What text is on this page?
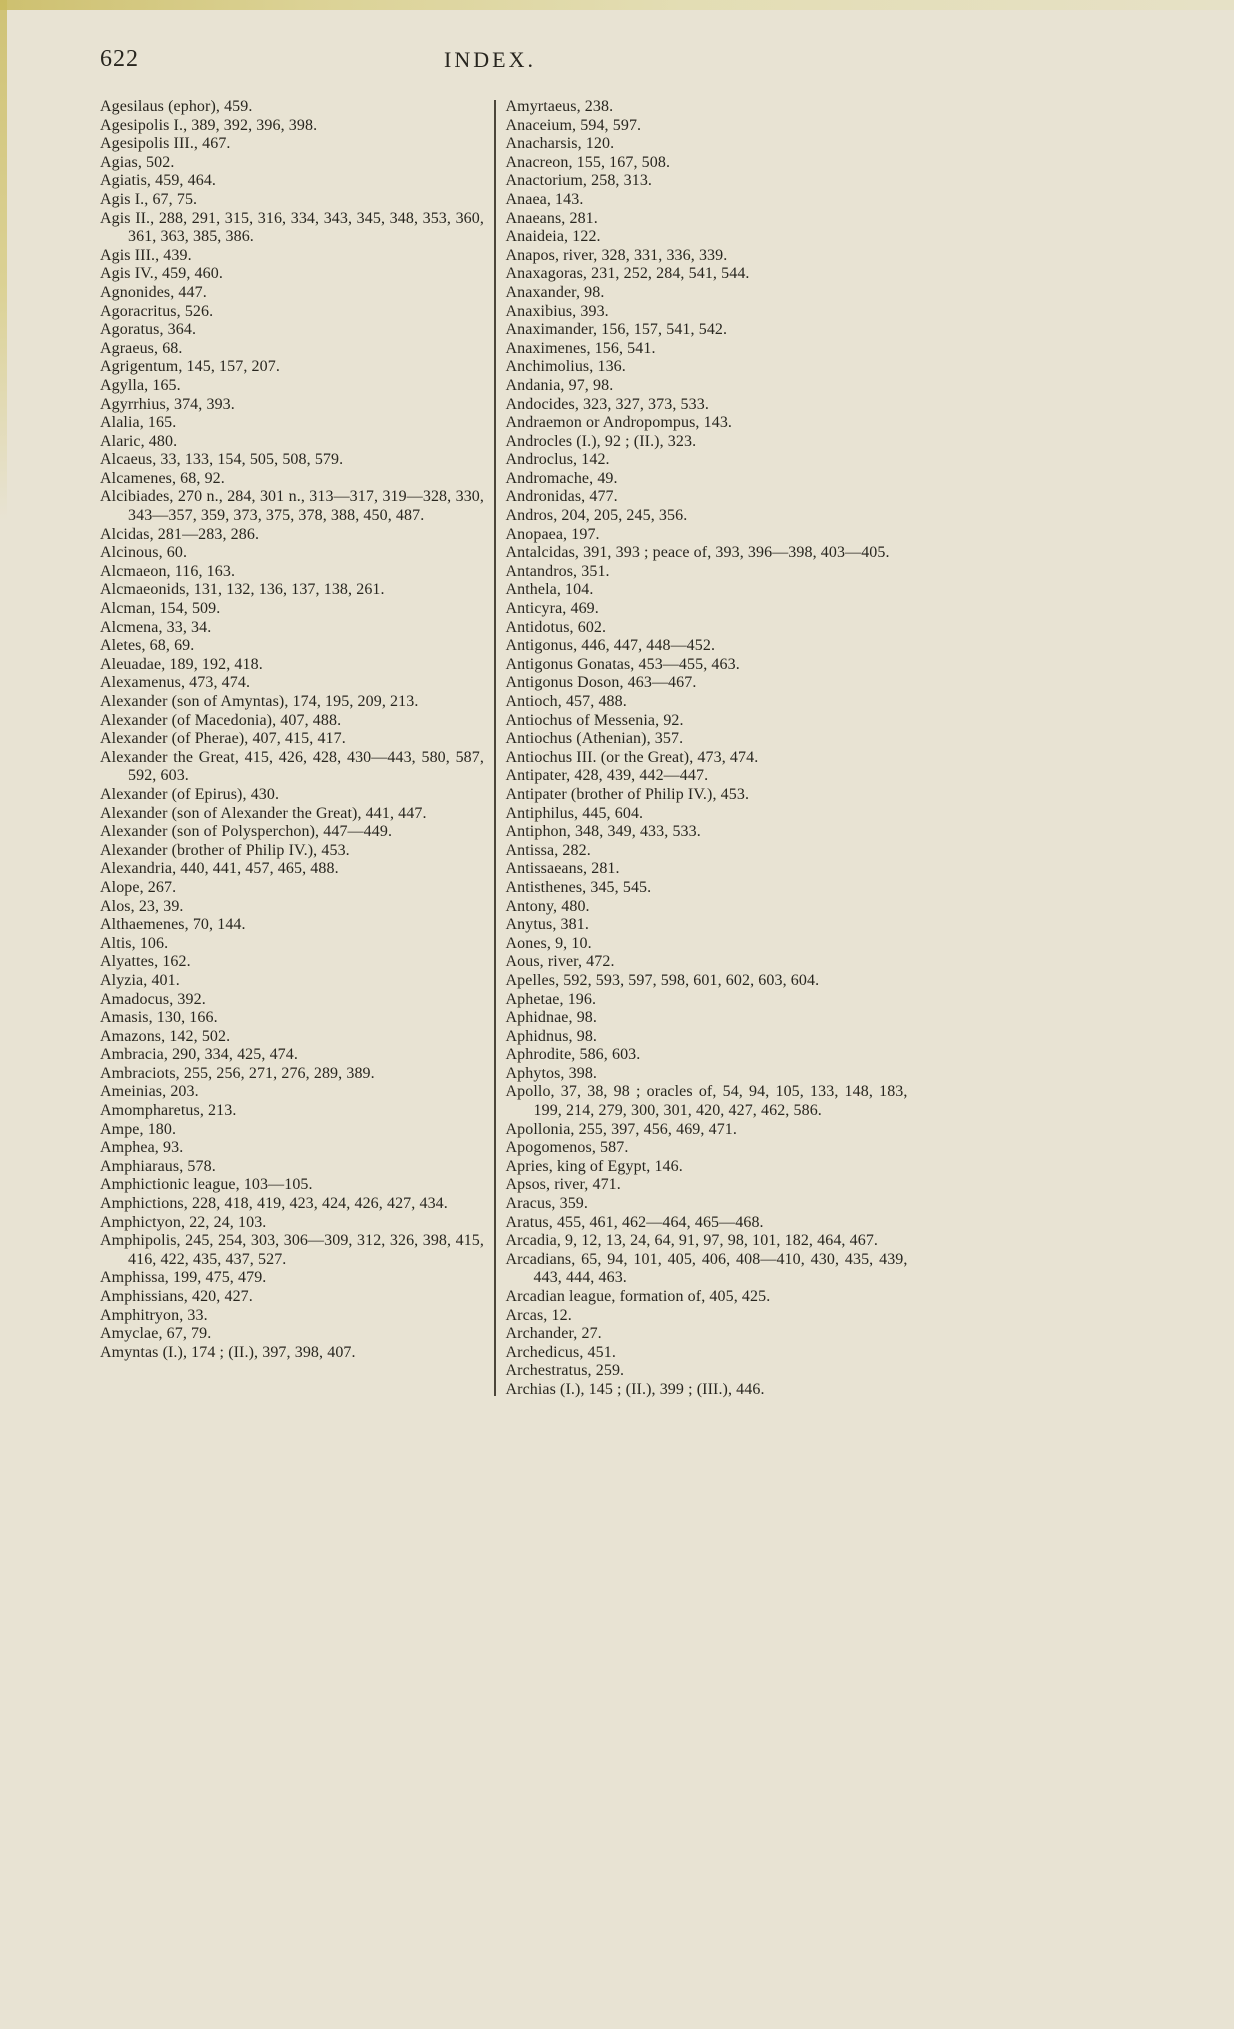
622	INDEX.

Agesilaus (ephor), 459.

Agesipolis I., 389, 392, 396, 398.

Agesipolis III., 467.

Agias, 502.

Agiatis, 459, 464.

Agis I., 67, 75.

Agis II., 288, 291, 315, 316, 334, 343, 345, 348, 353, 360, 361, 363, 385, 386.

Agis III., 439.

Agis IV., 459, 460.

Agnonides, 447.

Agoracritus, 526.

Agoratus, 364.

Agraeus, 68.

Agrigentum, 145, 157, 207.

Agylla, 165.

Agyrrhius, 374, 393.

Alalia, 165.

Alaric, 480.

Alcaeus, 33, 133, 154, 505, 508, 579.

Alcamenes, 68, 92.

Alcibiades, 270 n., 284, 301 n., 313—317, 319—328, 330, 343—357, 359, 373, 375, 378, 388, 450, 487.

Alcidas, 281—283, 286.

Alcinous, 60.

Alcmaeon, 116, 163.

Alcmaeonids, 131, 132, 136, 137, 138, 261.

Alcman, 154, 509.

Alcmena, 33, 34.

Aletes, 68, 69.

Aleuadae, 189, 192, 418.

Alexamenus, 473, 474.

Alexander (son of Amyntas), 174, 195, 209, 213.

Alexander (of Macedonia), 407, 488.

Alexander (of Pherae), 407, 415, 417.

Alexander the Great, 415, 426, 428, 430—443, 580, 587, 592, 603.

Alexander (of Epirus), 430.

Alexander (son of Alexander the Great), 441, 447.

Alexander (son of Polysperchon), 447—449.

Alexander (brother of Philip IV.), 453.

Alexandria, 440, 441, 457, 465, 488.

Alope, 267.

Alos, 23, 39.

Althaemenes, 70, 144.

Altis, 106.

Alyattes, 162.

Alyzia, 401.

Amadocus, 392.

Amasis, 130, 166.

Amazons, 142, 502.

Ambracia, 290, 334, 425, 474.

Ambraciots, 255, 256, 271, 276, 289, 389.

Ameinias, 203.

Amompharetus, 213.

Ampe, 180.

Amphea, 93.

Amphiaraus, 578.

Amphictionic league, 103—105.

Amphictions, 228, 418, 419, 423, 424, 426, 427, 434.

Amphictyon, 22, 24, 103.

Amphipolis, 245, 254, 303, 306—309, 312, 326, 398, 415, 416, 422, 435, 437, 527.

Amphissa, 199, 475, 479.

Amphissians, 420, 427.

Amphitryon, 33.

Amyclae, 67, 79.

Amyntas (I.), 174 ; (II.), 397, 398, 407.

Amyrtaeus, 238.

Anaceium, 594, 597.

Anacharsis, 120.

Anacreon, 155, 167, 508.

Anactorium, 258, 313.

Anaea, 143.

Anaeans, 281.

Anaideia, 122.

Anapos, river, 328, 331, 336, 339.

Anaxagoras, 231, 252, 284, 541, 544.

Anaxander, 98.

Anaxibius, 393.

Anaximander, 156, 157, 541, 542.

Anaximenes, 156, 541.

Anchimolius, 136.

Andania, 97, 98.

Andocides, 323, 327, 373, 533.

Andraemon or Andropompus, 143.

Androcles (I.), 92 ; (II.), 323.

Androclus, 142.

Andromache, 49.

Andronidas, 477.

Andros, 204, 205, 245, 356.

Anopaea, 197.

Antalcidas, 391, 393 ; peace of, 393, 396—398, 403—405.

Antandros, 351.

Anthela, 104.

Anticyra, 469.

Antidotus, 602.

Antigonus, 446, 447, 448—452.

Antigonus Gonatas, 453—455, 463.

Antigonus Doson, 463—467.

Antioch, 457, 488.

Antiochus of Messenia, 92.

Antiochus (Athenian), 357.

Antiochus III. (or the Great), 473, 474.

Antipater, 428, 439, 442—447.

Antipater (brother of Philip IV.), 453.

Antiphilus, 445, 604.

Antiphon, 348, 349, 433, 533.

Antissa, 282.

Antissaeans, 281.

Antisthenes, 345, 545.

Antony, 480.

Anytus, 381.

Aones, 9, 10.

Aous, river, 472.

Apelles, 592, 593, 597, 598, 601, 602, 603, 604.

Aphetae, 196.

Aphidnae, 98.

Aphidnus, 98.

Aphrodite, 586, 603.

Aphytos, 398.

Apollo, 37, 38, 98 ; oracles of, 54, 94, 105, 133, 148, 183, 199, 214, 279, 300, 301, 420, 427, 462, 586.

Apollonia, 255, 397, 456, 469, 471.

Apogomenos, 587.

Apries, king of Egypt, 146.

Apsos, river, 471.

Aracus, 359.

Aratus, 455, 461, 462—464, 465—468.

Arcadia, 9, 12, 13, 24, 64, 91, 97, 98, 101, 182, 464, 467.

Arcadians, 65, 94, 101, 405, 406, 408—410, 430, 435, 439, 443, 444, 463.

Arcadian league, formation of, 405, 425.

Arcas, 12.

Archander, 27.

Archedicus, 451.

Archestratus, 259.

Archias (I.), 145 ; (II.), 399 ; (III.), 446.
